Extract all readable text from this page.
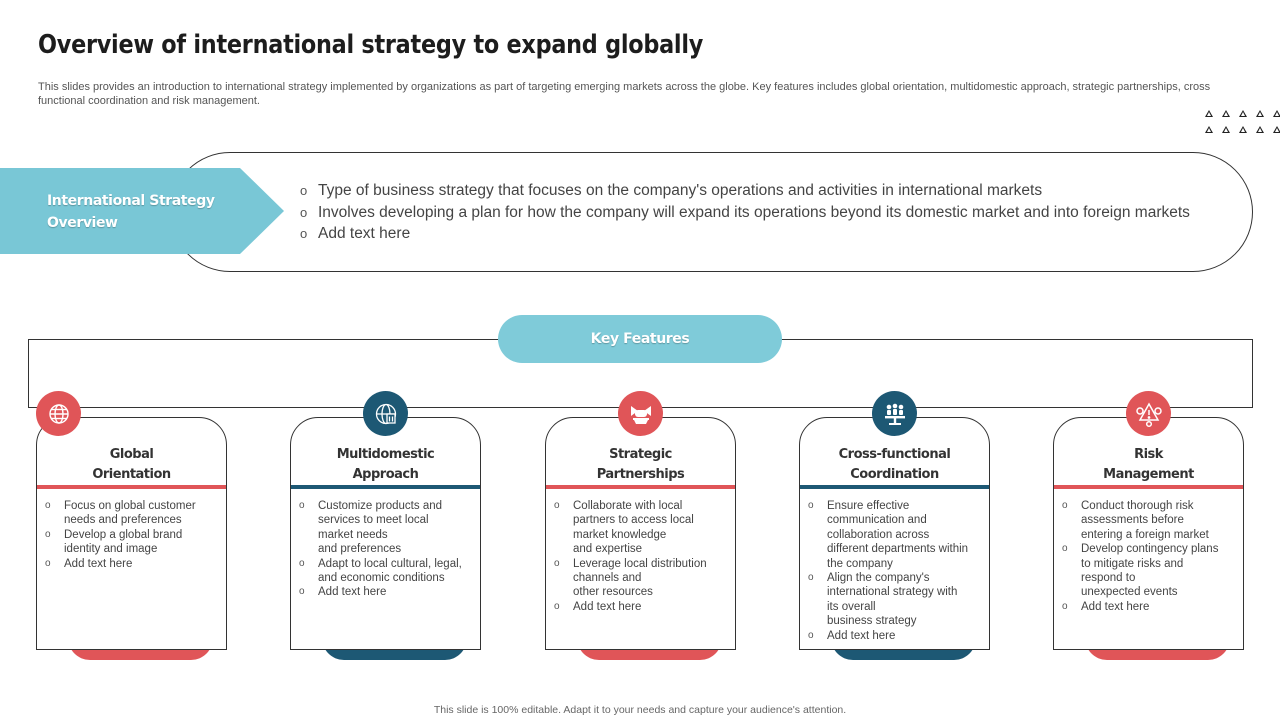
Overview of international strategy to expand globally
This slides provides an introduction to international strategy implemented by organizations as part of targeting emerging markets across the globe. Key features includes global orientation, multidomestic approach, strategic partnerships, cross functional coordination and risk management.
International Strategy
Overview
o Type of business strategy that focuses on the company's operations and activities in international markets
o Involves developing a plan for how the company will expand its operations beyond its domestic market and into foreign markets
o Add text here
Key Features
Global
Orientation
o Focus on global customer
needs and preferences
o Develop a global brand
identity and image
o Add text here
Multidomestic
Approach
o Customize products and
services to meet local
market needs
and preferences
o Adapt to local cultural, legal,
and economic conditions
o Add text here
Strategic
Partnerships
o Collaborate with local
partners to access local
market knowledge
and expertise
o Leverage local distribution
channels and
other resources
o Add text here
Cross-functional
Coordination
o Ensure effective
communication and
collaboration across
different departments within
the company
o Align the company's
international strategy with
its overall
business strategy
o Add text here
Risk
Management
o Conduct thorough risk
assessments before
entering a foreign market
o Develop contingency plans
to mitigate risks and
respond to
unexpected events
o Add text here
This slide is 100% editable. Adapt it to your needs and capture your audience's attention.
